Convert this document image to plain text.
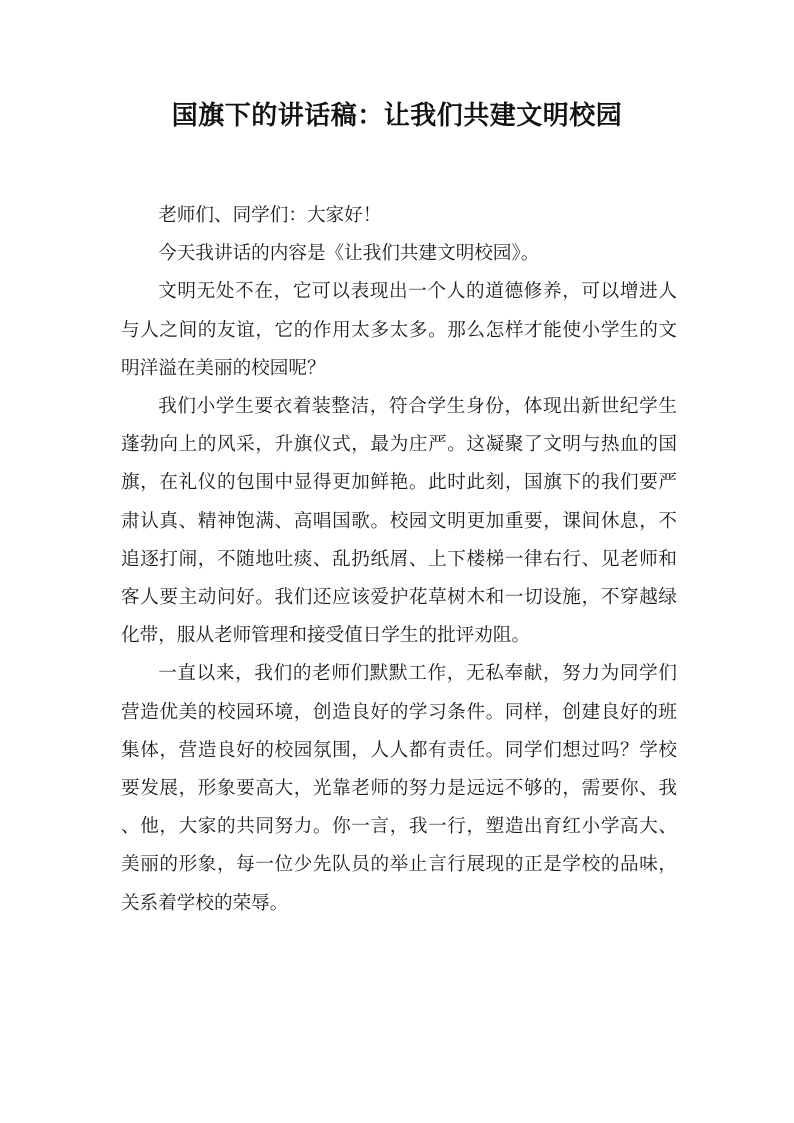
国旗下的讲话稿：让我们共建文明校园

老师们、同学们：大家好！

今天我讲话的内容是《让我们共建文明校园》。

文明无处不在，它可以表现出一个人的道德修养，可以增进人与人之间的友谊，它的作用太多太多。那么怎样才能使小学生的文明洋溢在美丽的校园呢？

我们小学生要衣着装整洁，符合学生身份，体现出新世纪学生蓬勃向上的风采，升旗仪式，最为庄严。这凝聚了文明与热血的国旗，在礼仪的包围中显得更加鲜艳。此时此刻，国旗下的我们要严肃认真、精神饱满、高唱国歌。校园文明更加重要，课间休息，不追逐打闹，不随地吐痰、乱扔纸屑、上下楼梯一律右行、见老师和客人要主动问好。我们还应该爱护花草树木和一切设施，不穿越绿化带，服从老师管理和接受值日学生的批评劝阻。

一直以来，我们的老师们默默工作，无私奉献，努力为同学们营造优美的校园环境，创造良好的学习条件。同样，创建良好的班集体，营造良好的校园氛围，人人都有责任。同学们想过吗？学校要发展，形象要高大，光靠老师的努力是远远不够的，需要你、我、他，大家的共同努力。你一言，我一行，塑造出育红小学高大、美丽的形象，每一位少先队员的举止言行展现的正是学校的品味，关系着学校的荣辱。
